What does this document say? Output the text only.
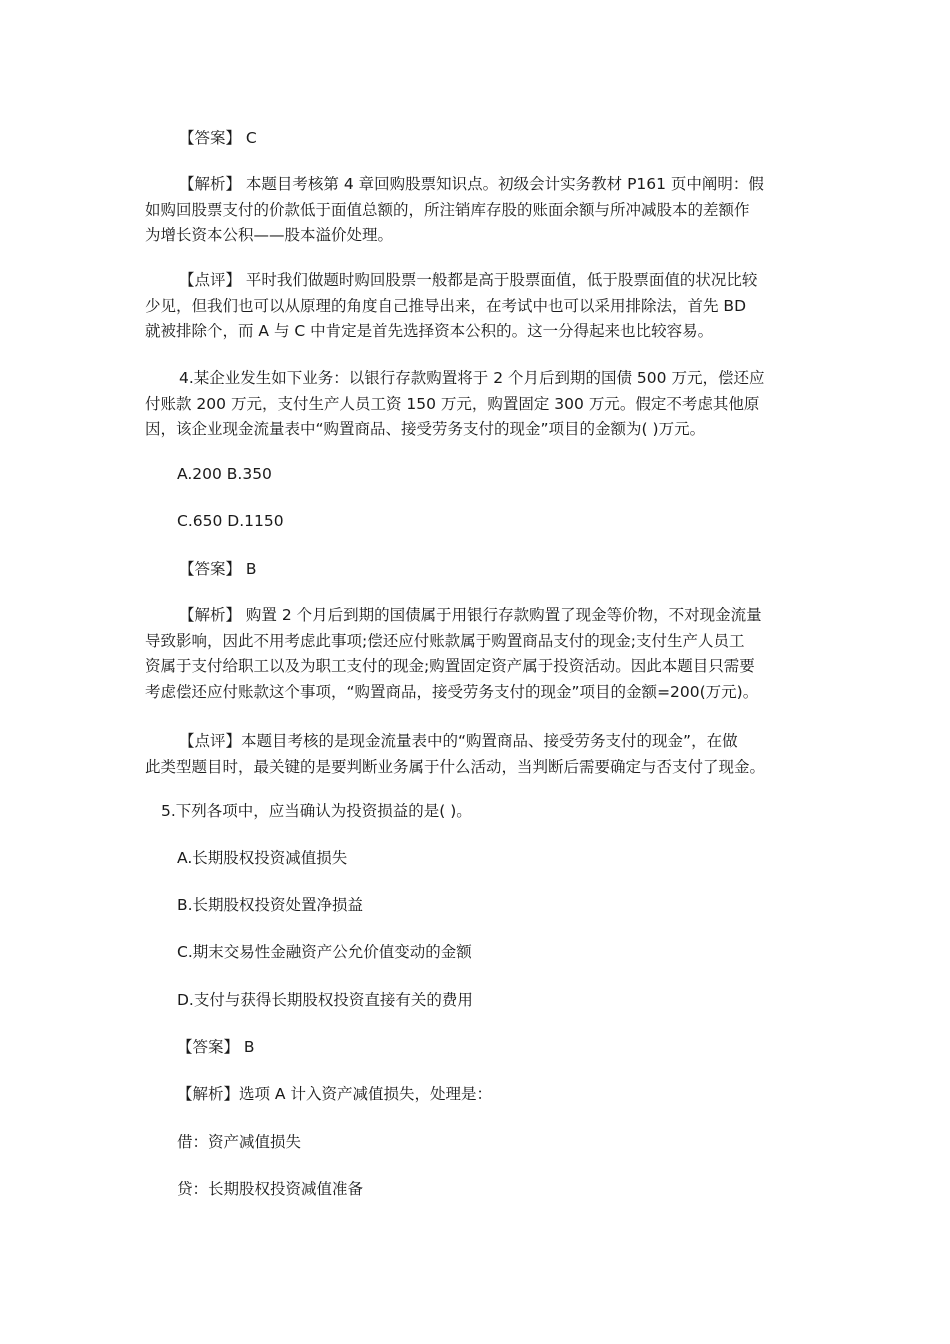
【答案】 C

【解析】 本题目考核第 4 章回购股票知识点。初级会计实务教材 P161 页中阐明：假
如购回股票支付的价款低于面值总额的，所注销库存股的账面余额与所冲减股本的差额作
为增长资本公积——股本溢价处理。

【点评】 平时我们做题时购回股票一般都是高于股票面值，低于股票面值的状况比较
少见，但我们也可以从原理的角度自己推导出来，在考试中也可以采用排除法，首先 BD
就被排除个，而 A 与 C 中肯定是首先选择资本公积的。这一分得起来也比较容易。

4.某企业发生如下业务：以银行存款购置将于 2 个月后到期的国债 500 万元，偿还应
付账款 200 万元，支付生产人员工资 150 万元，购置固定 300 万元。假定不考虑其他原
因，该企业现金流量表中“购置商品、接受劳务支付的现金”项目的金额为( )万元。

A.200 B.350

C.650 D.1150

【答案】 B

【解析】 购置 2 个月后到期的国债属于用银行存款购置了现金等价物，不对现金流量
导致影响，因此不用考虑此事项;偿还应付账款属于购置商品支付的现金;支付生产人员工
资属于支付给职工以及为职工支付的现金;购置固定资产属于投资活动。因此本题目只需要
考虑偿还应付账款这个事项，“购置商品，接受劳务支付的现金”项目的金额=200(万元)。

【点评】本题目考核的是现金流量表中的“购置商品、接受劳务支付的现金”，在做
此类型题目时，最关键的是要判断业务属于什么活动，当判断后需要确定与否支付了现金。

5.下列各项中，应当确认为投资损益的是( )。

A.长期股权投资减值损失

B.长期股权投资处置净损益

C.期末交易性金融资产公允价值变动的金额

D.支付与获得长期股权投资直接有关的费用

【答案】 B

【解析】选项 A 计入资产减值损失，处理是：

借：资产减值损失

贷：长期股权投资减值准备
